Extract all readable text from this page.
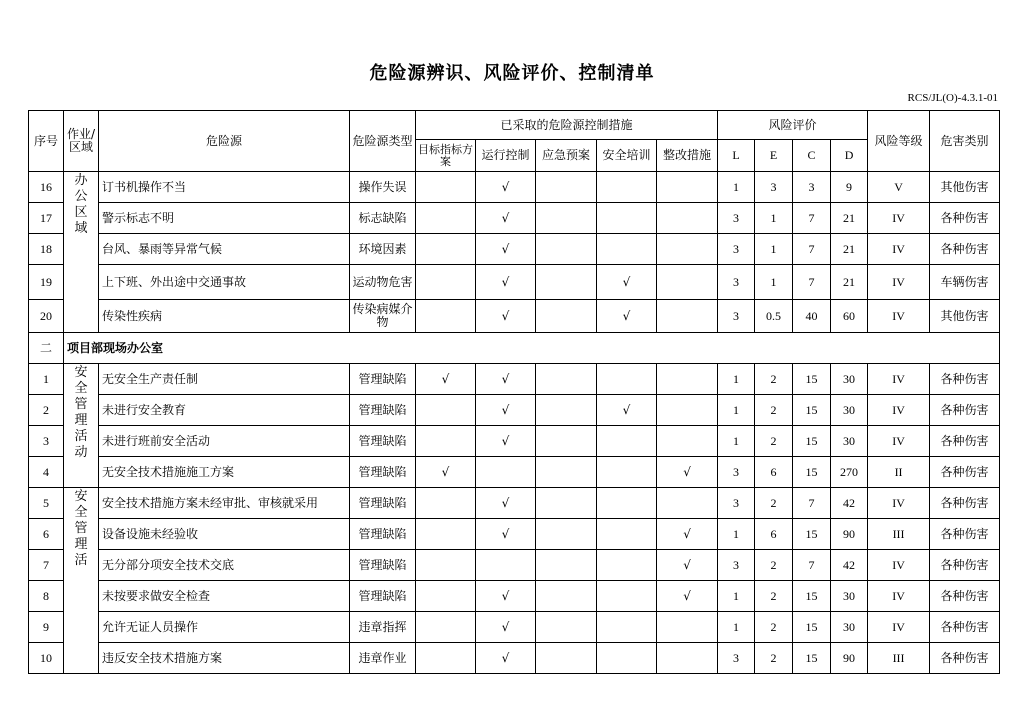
危险源辨识、风险评价、控制清单
RCS/JL(O)-4.3.1-01
序号	作业/区域	危险源	危险源类型	已采取的危险源控制措施					风险评价				风险等级	危害类别
				目标指标方案	运行控制	应急预案	安全培训	整改措施	L	E	C	D		
16	办公区域	订书机操作不当	操作失误		√				1	3	3	9	V	其他伤害
17		警示标志不明	标志缺陷		√				3	1	7	21	IV	各种伤害
18		台风、暴雨等异常气候	环境因素		√				3	1	7	21	IV	各种伤害
19		上下班、外出途中交通事故	运动物危害		√		√		3	1	7	21	IV	车辆伤害
20		传染性疾病	传染病媒介物		√		√		3	0.5	40	60	IV	其他伤害
二	项目部现场办公室													
1	安全管理活动	无安全生产责任制	管理缺陷	√	√				1	2	15	30	IV	各种伤害
2		未进行安全教育	管理缺陷		√		√		1	2	15	30	IV	各种伤害
3		未进行班前安全活动	管理缺陷		√				1	2	15	30	IV	各种伤害
4		无安全技术措施施工方案	管理缺陷	√				√	3	6	15	270	II	各种伤害
5	安全管理活	安全技术措施方案未经审批、审核就采用	管理缺陷		√				3	2	7	42	IV	各种伤害
6		设备设施未经验收	管理缺陷		√			√	1	6	15	90	III	各种伤害
7		无分部分项安全技术交底	管理缺陷					√	3	2	7	42	IV	各种伤害
8		未按要求做安全检查	管理缺陷		√			√	1	2	15	30	IV	各种伤害
9		允许无证人员操作	违章指挥		√				1	2	15	30	IV	各种伤害
10		违反安全技术措施方案	违章作业		√				3	2	15	90	III	各种伤害
